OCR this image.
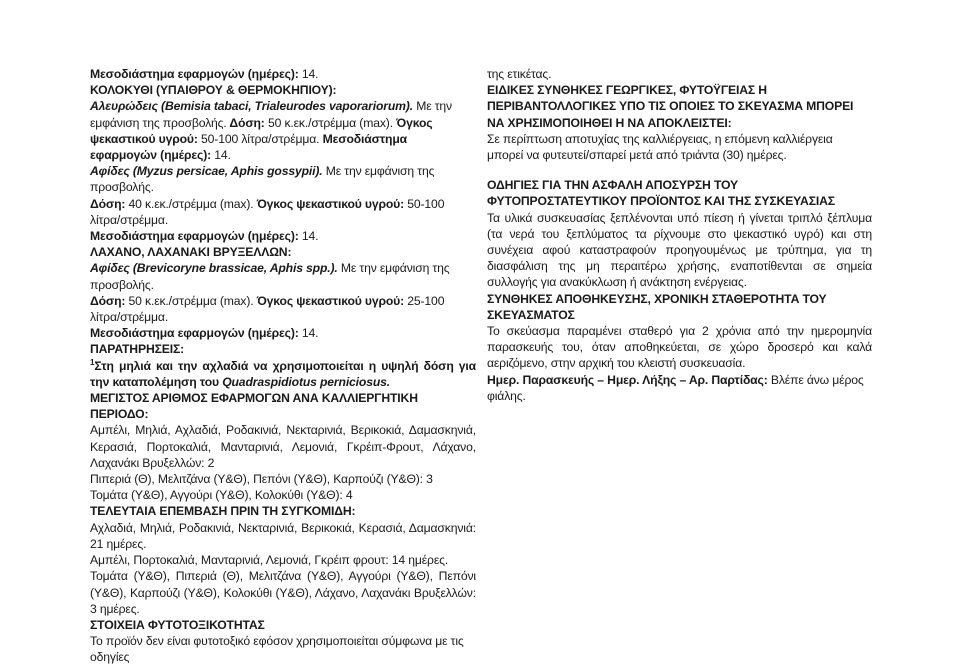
Μεσοδιάστημα εφαρμογών (ημέρες): 14.

ΚΟΛΟΚΥΘΙ (ΥΠΑΙΘΡΟΥ & ΘΕΡΜΟΚΗΠΙΟΥ):

Αλευρώδεις (Bemisia tabaci, Trialeurodes vaporariorum). Με την εμφάνιση της προσβολής. Δόση: 50 κ.εκ./στρέμμα (max). Όγκος ψεκαστικού υγρού: 50-100 λίτρα/στρέμμα. Μεσοδιάστημα εφαρμογών (ημέρες): 14.

Αφίδες (Myzus persicae, Aphis gossypii). Με την εμφάνιση της προσβολής.
Δόση: 40 κ.εκ./στρέμμα (max). Όγκος ψεκαστικού υγρού: 50-100 λίτρα/στρέμμα.
Μεσοδιάστημα εφαρμογών (ημέρες): 14.

ΛΑΧΑΝΟ, ΛΑΧΑΝΑΚΙ ΒΡΥΞΕΛΛΩΝ:

Αφίδες (Brevicoryne brassicae, Aphis spp.). Με την εμφάνιση της προσβολής.
Δόση: 50 κ.εκ./στρέμμα (max). Όγκος ψεκαστικού υγρού: 25-100 λίτρα/στρέμμα.
Μεσοδιάστημα εφαρμογών (ημέρες): 14.

ΠΑΡΑΤΗΡΗΣΕΙΣ:

$^1$Στη μηλιά και την αχλαδιά να χρησιμοποιείται η υψηλή δόση για την καταπολέμηση του Quadraspidiotus perniciosus.

ΜΕΓΙΣΤΟΣ ΑΡΙΘΜΟΣ ΕΦΑΡΜΟΓΩΝ ΑΝΑ ΚΑΛΛΙΕΡΓΗΤΙΚΗ ΠΕΡΙΟΔΟ:

Αμπέλι, Μηλιά, Αχλαδιά, Ροδακινιά, Νεκταρινιά, Βερικοκιά, Δαμασκηνιά, Κερασιά, Πορτοκαλιά, Μανταρινιά, Λεμονιά, Γκρέιπ-Φρουτ, Λάχανο, Λαχανάκι Βρυξελλών: 2

Πιπεριά (Θ), Μελιτζάνα (Υ&Θ), Πεπόνι (Υ&Θ), Καρπούζι (Υ&Θ): 3

Τομάτα (Υ&Θ), Αγγούρι (Υ&Θ), Κολοκύθι (Υ&Θ): 4

ΤΕΛΕΥΤΑΙΑ ΕΠΕΜΒΑΣΗ ΠΡΙΝ ΤΗ ΣΥΓΚΟΜΙΔΗ:

Αχλαδιά, Μηλιά, Ροδακινιά, Νεκταρινιά, Βερικοκιά, Κερασιά, Δαμασκηνιά: 21 ημέρες.

Αμπέλι, Πορτοκαλιά, Μανταρινιά, Λεμονιά, Γκρέιπ φρουτ: 14 ημέρες.

Τομάτα (Υ&Θ), Πιπεριά (Θ), Μελιτζάνα (Υ&Θ), Αγγούρι (Υ&Θ), Πεπόνι (Υ&Θ), Καρπούζι (Υ&Θ), Κολοκύθι (Υ&Θ), Λάχανο, Λαχανάκι Βρυξελλών: 3 ημέρες.

ΣΤΟΙΧΕΙΑ ΦΥΤΟΤΟΞΙΚΟΤΗΤΑΣ

Το προϊόν δεν είναι φυτοτοξικό εφόσον χρησιμοποιείται σύμφωνα με τις οδηγίες

της ετικέτας.

ΕΙΔΙΚΕΣ ΣΥΝΘΗΚΕΣ ΓΕΩΡΓΙΚΕΣ, ΦΥΤΟΫΓΕΙΑΣ Η ΠΕΡΙΒΑΝΤΟΛΛΟΓΙΚΕΣ ΥΠΟ ΤΙΣ ΟΠΟΙΕΣ ΤΟ ΣΚΕΥΑΣΜΑ ΜΠΟΡΕΙ ΝΑ ΧΡΗΣΙΜΟΠΟΙΗΘΕΙ Η ΝΑ ΑΠΟΚΛΕΙΣΤΕΙ:

Σε περίπτωση αποτυχίας της καλλιέργειας, η επόμενη καλλιέργεια μπορεί να φυτευτεί/σπαρεί μετά από τριάντα (30) ημέρες.

ΟΔΗΓΙΕΣ ΓΙΑ ΤΗΝ ΑΣΦΑΛΗ ΑΠΟΣΥΡΣΗ ΤΟΥ ΦΥΤΟΠΡΟΣΤΑΤΕΥΤΙΚΟΥ ΠΡΟΪΟΝΤΟΣ ΚΑΙ ΤΗΣ ΣΥΣΚΕΥΑΣΙΑΣ

Τα υλικά συσκευασίας ξεπλένονται υπό πίεση ή γίνεται τριπλό ξέπλυμα (τα νερά του ξεπλύματος τα ρίχνουμε στο ψεκαστικό υγρό) και στη συνέχεια αφού καταστραφούν προηγουμένως με τρύπημα, για τη διασφάλιση της μη περαιτέρω χρήσης, εναποτίθενται σε σημεία συλλογής για ανακύκλωση ή ανάκτηση ενέργειας.

ΣΥΝΘΗΚΕΣ ΑΠΟΘΗΚΕΥΣΗΣ, ΧΡΟΝΙΚΗ ΣΤΑΘΕΡΟΤΗΤΑ ΤΟΥ ΣΚΕΥΑΣΜΑΤΟΣ

Το σκεύασμα παραμένει σταθερό για 2 χρόνια από την ημερομηνία παρασκευής του, όταν αποθηκεύεται, σε χώρο δροσερό και καλά αεριζόμενο, στην αρχική του κλειστή συσκευασία.

Ημερ. Παρασκευής – Ημερ. Λήξης – Αρ. Παρτίδας: Βλέπε άνω μέρος φιάλης.
